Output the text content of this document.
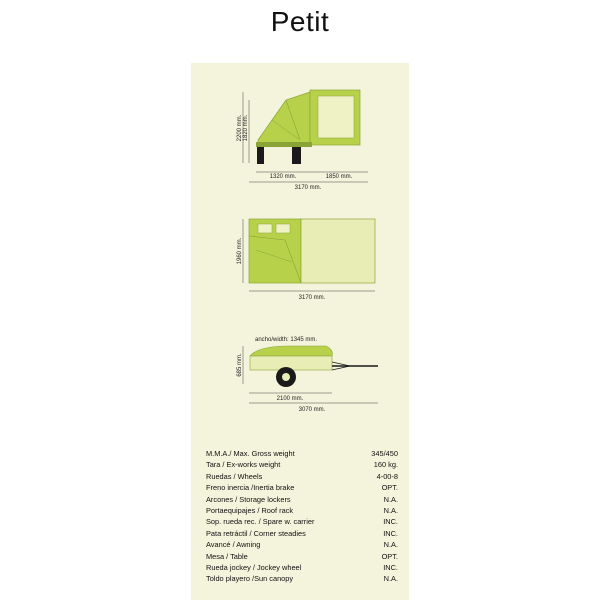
Petit
2200 mm. 1820 mm.
1320 mm.	1850 mm.
3170 mm.
1960 mm.
3170 mm.
ancho/width: 1345 mm.
685 mm.
2100 mm.
3070 mm.
M.M.A./ Max. Gross weight	345/450
Tara / Ex-works weight	160 kg.
Ruedas / Wheels	4-00-8
Freno inercia /Inertia brake	OPT.
Arcones / Storage lockers	N.A.
Portaequipajes / Roof rack	N.A.
Sop. rueda rec. / Spare w. carrier	INC.
Pata retráctil / Corner steadies	INC.
Avancé / Awning	N.A.
Mesa / Table	OPT.
Rueda jockey / Jockey wheel	INC.
Toldo playero /Sun canopy	N.A.
